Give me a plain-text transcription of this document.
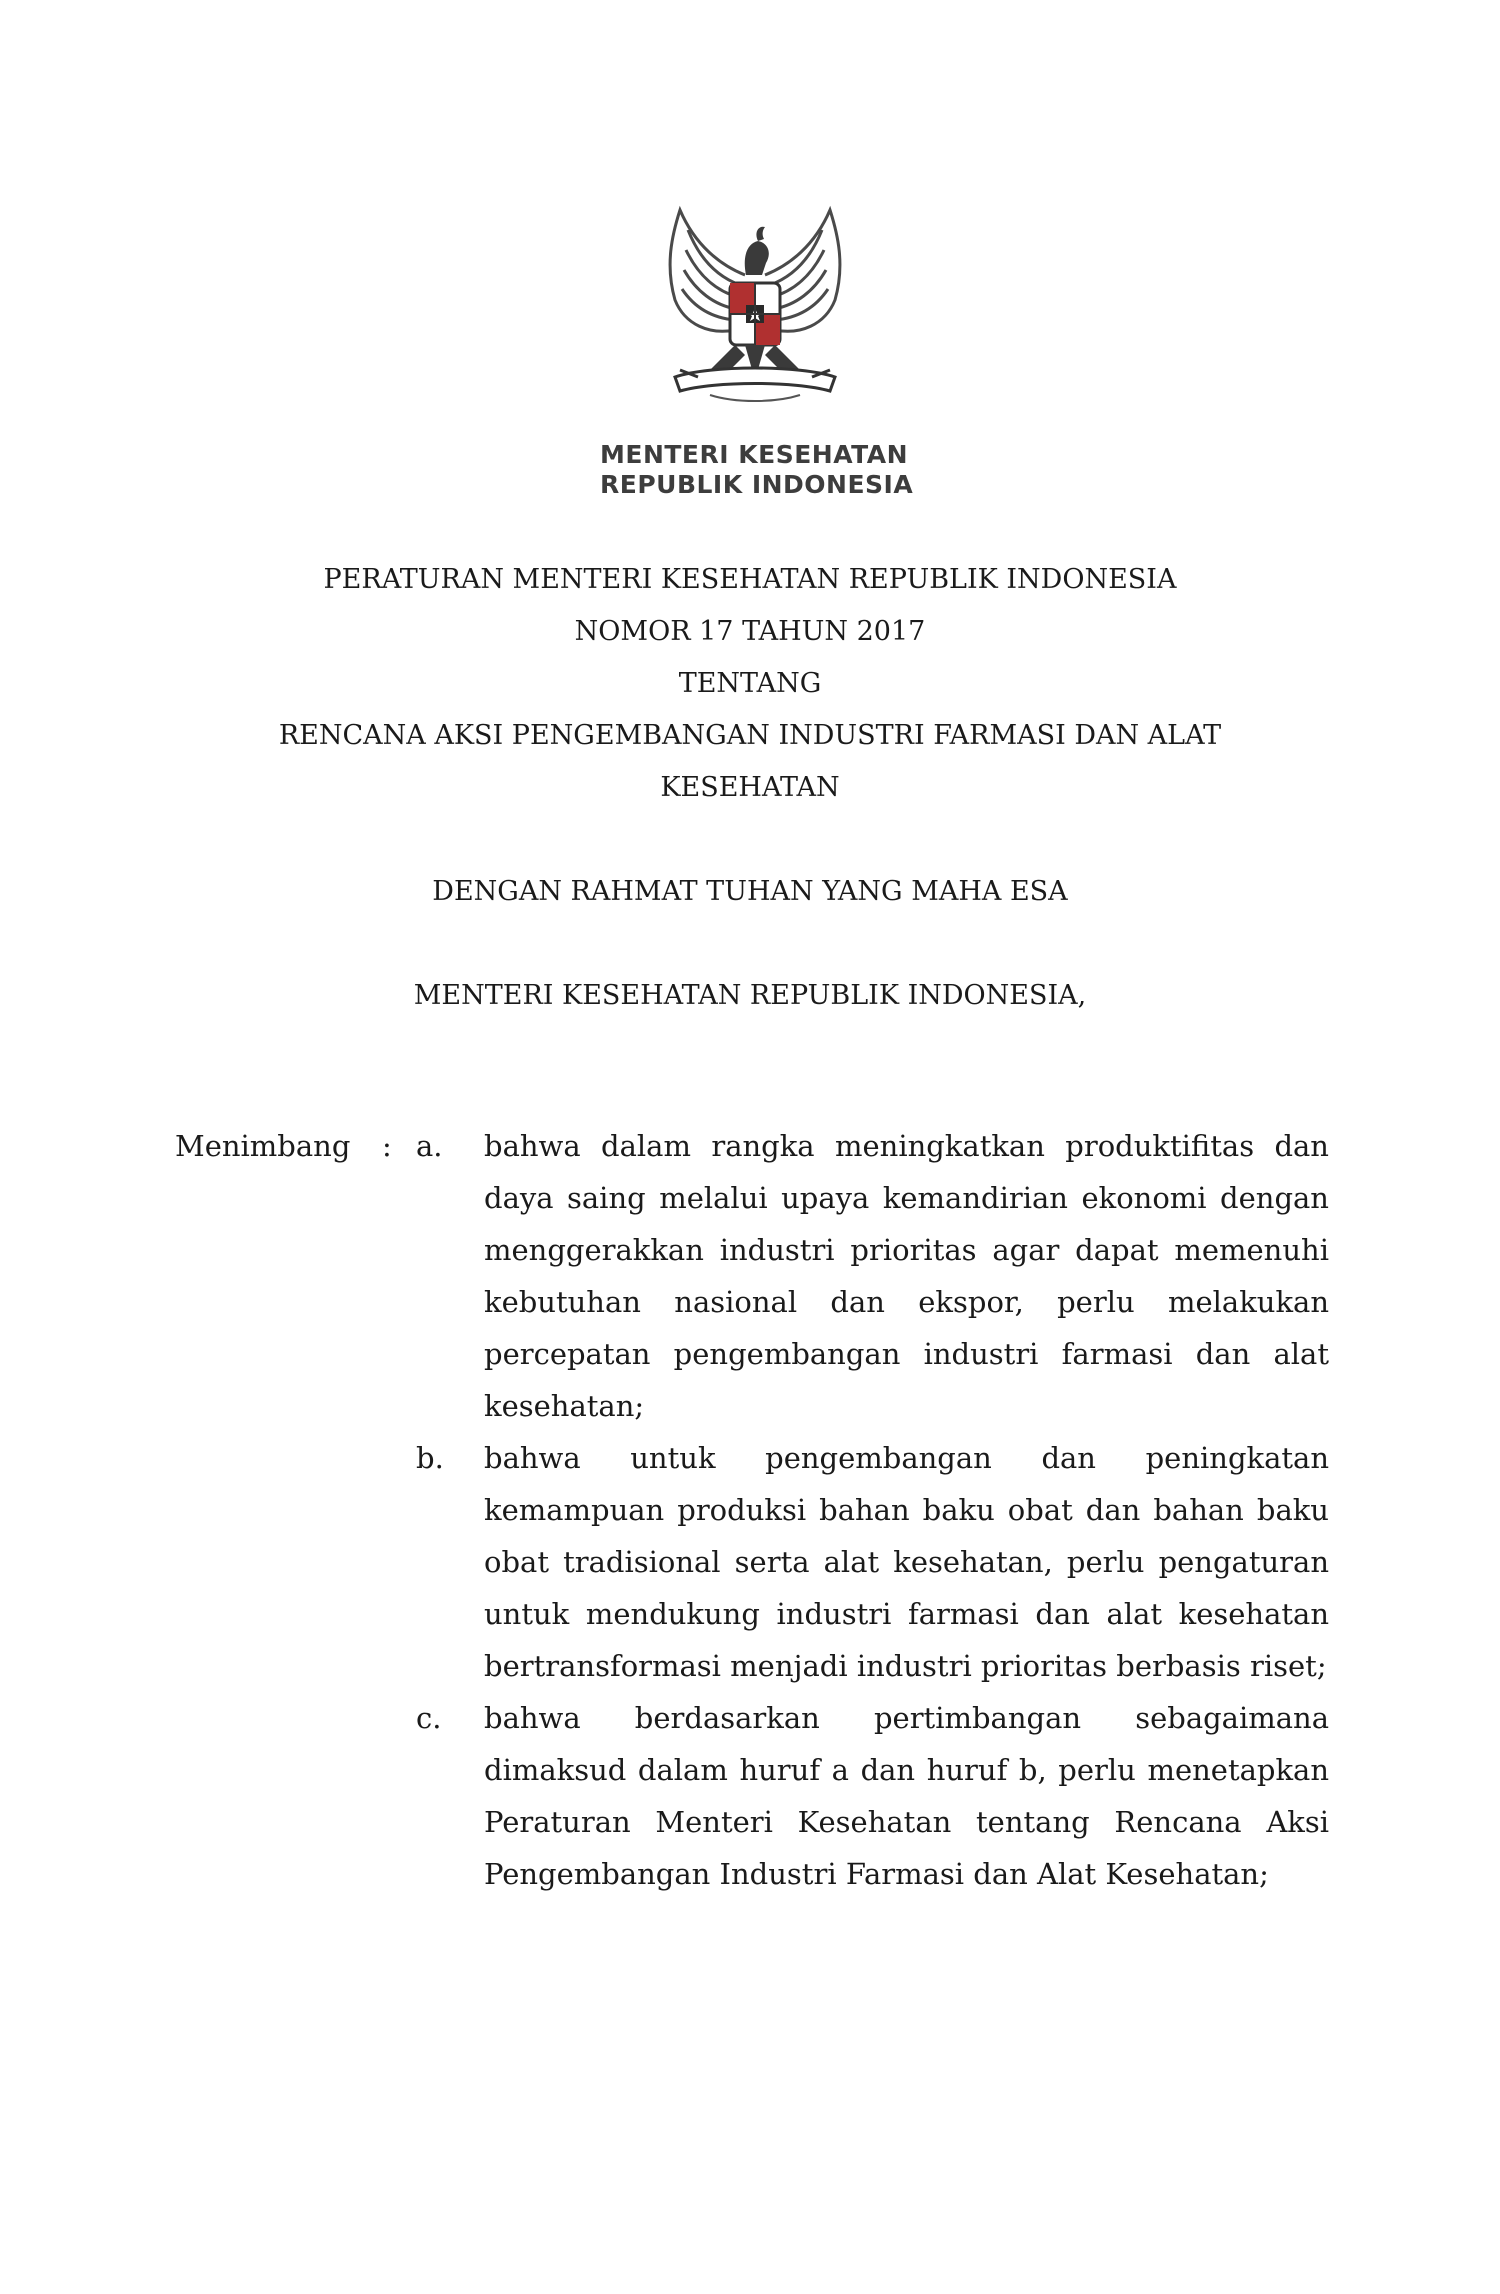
MENTERI KESEHATAN
REPUBLIK INDONESIA
PERATURAN MENTERI KESEHATAN REPUBLIK INDONESIA
NOMOR 17 TAHUN 2017
TENTANG
RENCANA AKSI PENGEMBANGAN INDUSTRI FARMASI DAN ALAT
KESEHATAN
DENGAN RAHMAT TUHAN YANG MAHA ESA
MENTERI KESEHATAN REPUBLIK INDONESIA,
Menimbang : a. bahwa dalam rangka meningkatkan produktifitas dan daya saing melalui upaya kemandirian ekonomi dengan menggerakkan industri prioritas agar dapat memenuhi kebutuhan nasional dan ekspor, perlu melakukan percepatan pengembangan industri farmasi dan alat kesehatan;
b. bahwa untuk pengembangan dan peningkatan kemampuan produksi bahan baku obat dan bahan baku obat tradisional serta alat kesehatan, perlu pengaturan untuk mendukung industri farmasi dan alat kesehatan bertransformasi menjadi industri prioritas berbasis riset;
c. bahwa berdasarkan pertimbangan sebagaimana dimaksud dalam huruf a dan huruf b, perlu menetapkan Peraturan Menteri Kesehatan tentang Rencana Aksi Pengembangan Industri Farmasi dan Alat Kesehatan;
